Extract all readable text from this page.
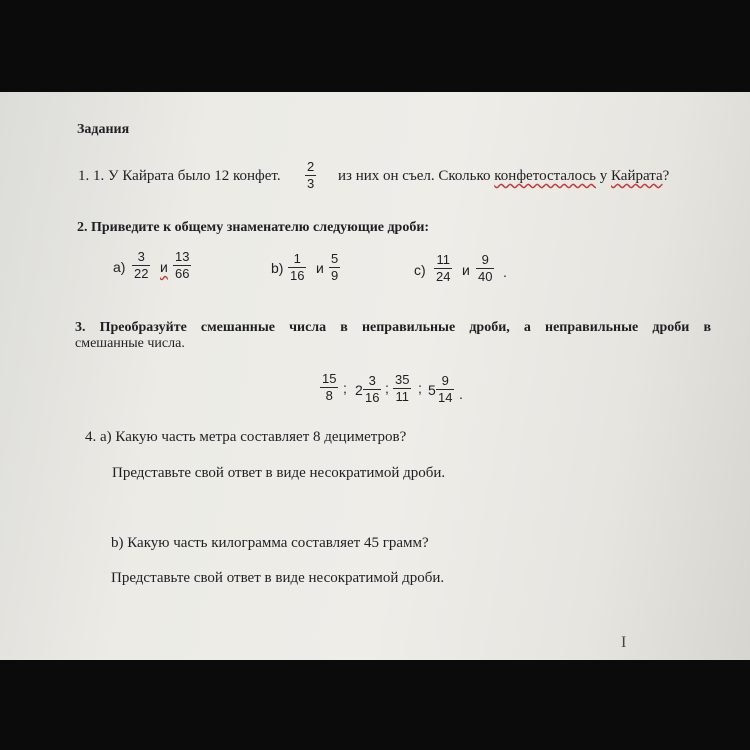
Задания
1. 1. У Кайрата было 12 конфет.
2
3 из них он съел. Сколько конфетосталось у Кайрата?
2. Приведите к общему знаменателю следующие дроби:
а)
3
22 и
13
66	b)
1
16 и
5
9	c)
11
24 и
9
40 .
3. Преобразуйте смешанные числа в неправильные дроби, а неправильные дроби в
смешанные числа.
15
8 ; 2
3
16
;
35
11
; 5
9
14 .
4. а) Какую часть метра составляет 8 дециметров?
Представьте свой ответ в виде несократимой дроби.
b) Какую часть килограмма составляет 45 грамм?
Представьте свой ответ в виде несократимой дроби.
I
